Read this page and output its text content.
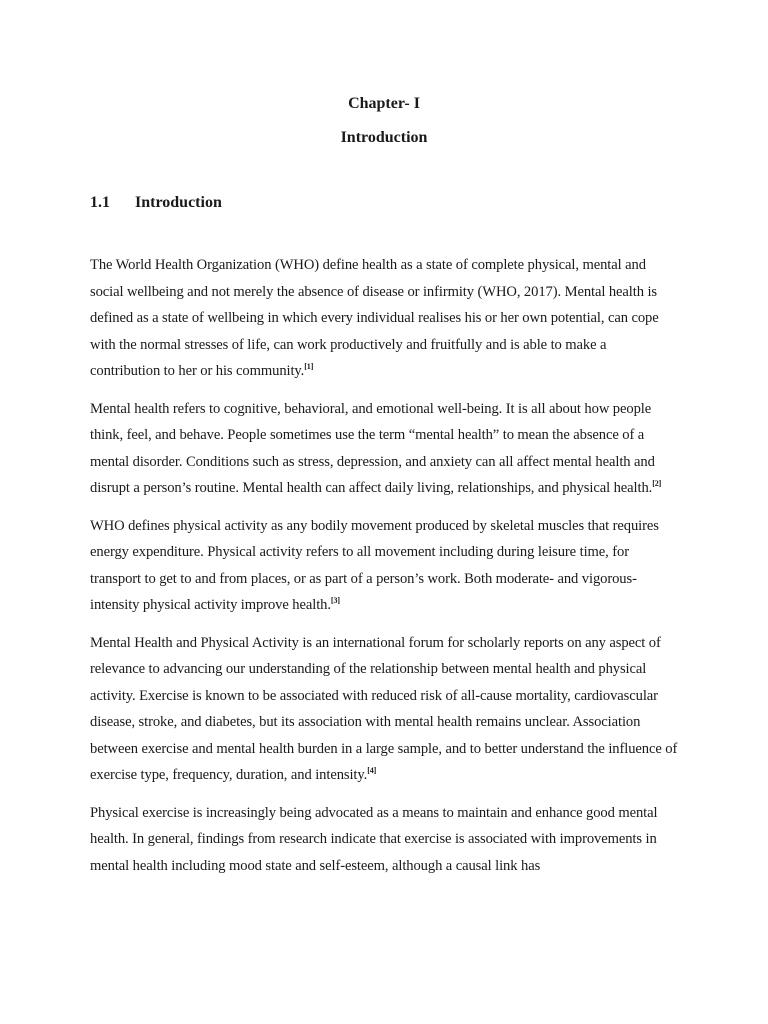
Chapter- I
Introduction
1.1 Introduction

The World Health Organization (WHO) define health as a state of complete physical, mental and social wellbeing and not merely the absence of disease or infirmity (WHO, 2017). Mental health is defined as a state of wellbeing in which every individual realises his or her own potential, can cope with the normal stresses of life, can work productively and fruitfully and is able to make a contribution to her or his community.[1]

Mental health refers to cognitive, behavioral, and emotional well-being. It is all about how people think, feel, and behave. People sometimes use the term “mental health” to mean the absence of a mental disorder. Conditions such as stress, depression, and anxiety can all affect mental health and disrupt a person’s routine. Mental health can affect daily living, relationships, and physical health.[2]

WHO defines physical activity as any bodily movement produced by skeletal muscles that requires energy expenditure. Physical activity refers to all movement including during leisure time, for transport to get to and from places, or as part of a person’s work. Both moderate- and vigorous-intensity physical activity improve health.[3]

Mental Health and Physical Activity is an international forum for scholarly reports on any aspect of relevance to advancing our understanding of the relationship between mental health and physical activity. Exercise is known to be associated with reduced risk of all-cause mortality, cardiovascular disease, stroke, and diabetes, but its association with mental health remains unclear. Association between exercise and mental health burden in a large sample, and to better understand the influence of exercise type, frequency, duration, and intensity.[4]

Physical exercise is increasingly being advocated as a means to maintain and enhance good mental health. In general, findings from research indicate that exercise is associated with improvements in mental health including mood state and self-esteem, although a causal link has
